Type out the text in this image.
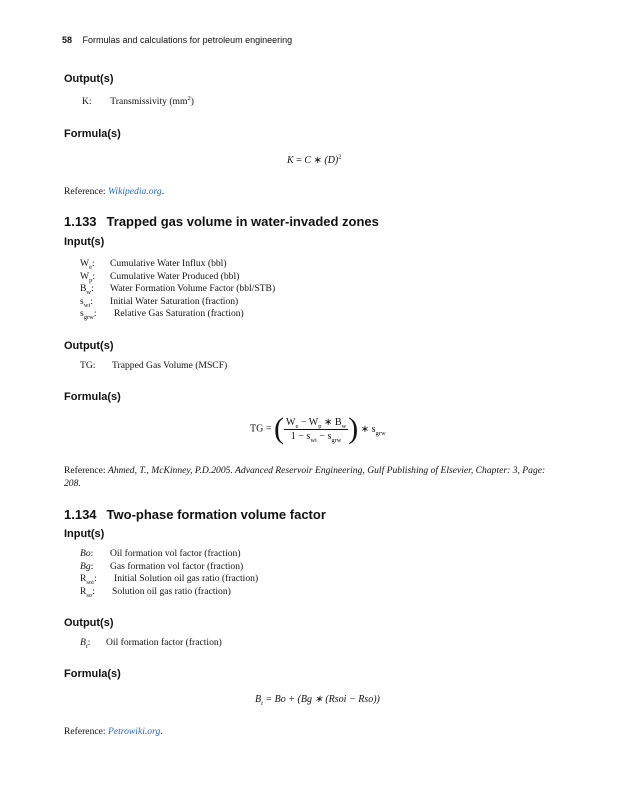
58 Formulas and calculations for petroleum engineering
Output(s)
K: Transmissivity $(mm^2)$
Formula(s)
K = C ∗ $(D)^2$
Reference: Wikipedia.org.
1.133 Trapped gas volume in water-invaded zones
Input(s)
$W_e$: Cumulative Water Influx (bbl)
$W_p$: Cumulative Water Produced (bbl)
$B_w$: Water Formation Volume Factor (bbl/STB)
$s_{wi}$: Initial Water Saturation (fraction)
$s_{grw}$: Relative Gas Saturation (fraction)
Output(s)
TG: Trapped Gas Volume (MSCF)
Formula(s)
TG = ( $\frac{W_e - W_p ∗ B_w}{1 - s_{wi} - s_{grw}}$ ) ∗ $s_{grw}$
Reference: Ahmed, T., McKinney, P.D.2005. Advanced Reservoir Engineering, Gulf Publishing of Elsevier, Chapter: 3, Page: 208.
1.134 Two-phase formation volume factor
Input(s)
Bo: Oil formation vol factor (fraction)
Bg: Gas formation vol factor (fraction)
$R_{soi}$: Initial Solution oil gas ratio (fraction)
$R_{so}$: Solution oil gas ratio (fraction)
Output(s)
$B_t$: Oil formation factor (fraction)
Formula(s)
$B_t = Bo + (Bg$ ∗ (Rsoi − Rso))
Reference: Petrowiki.org.
